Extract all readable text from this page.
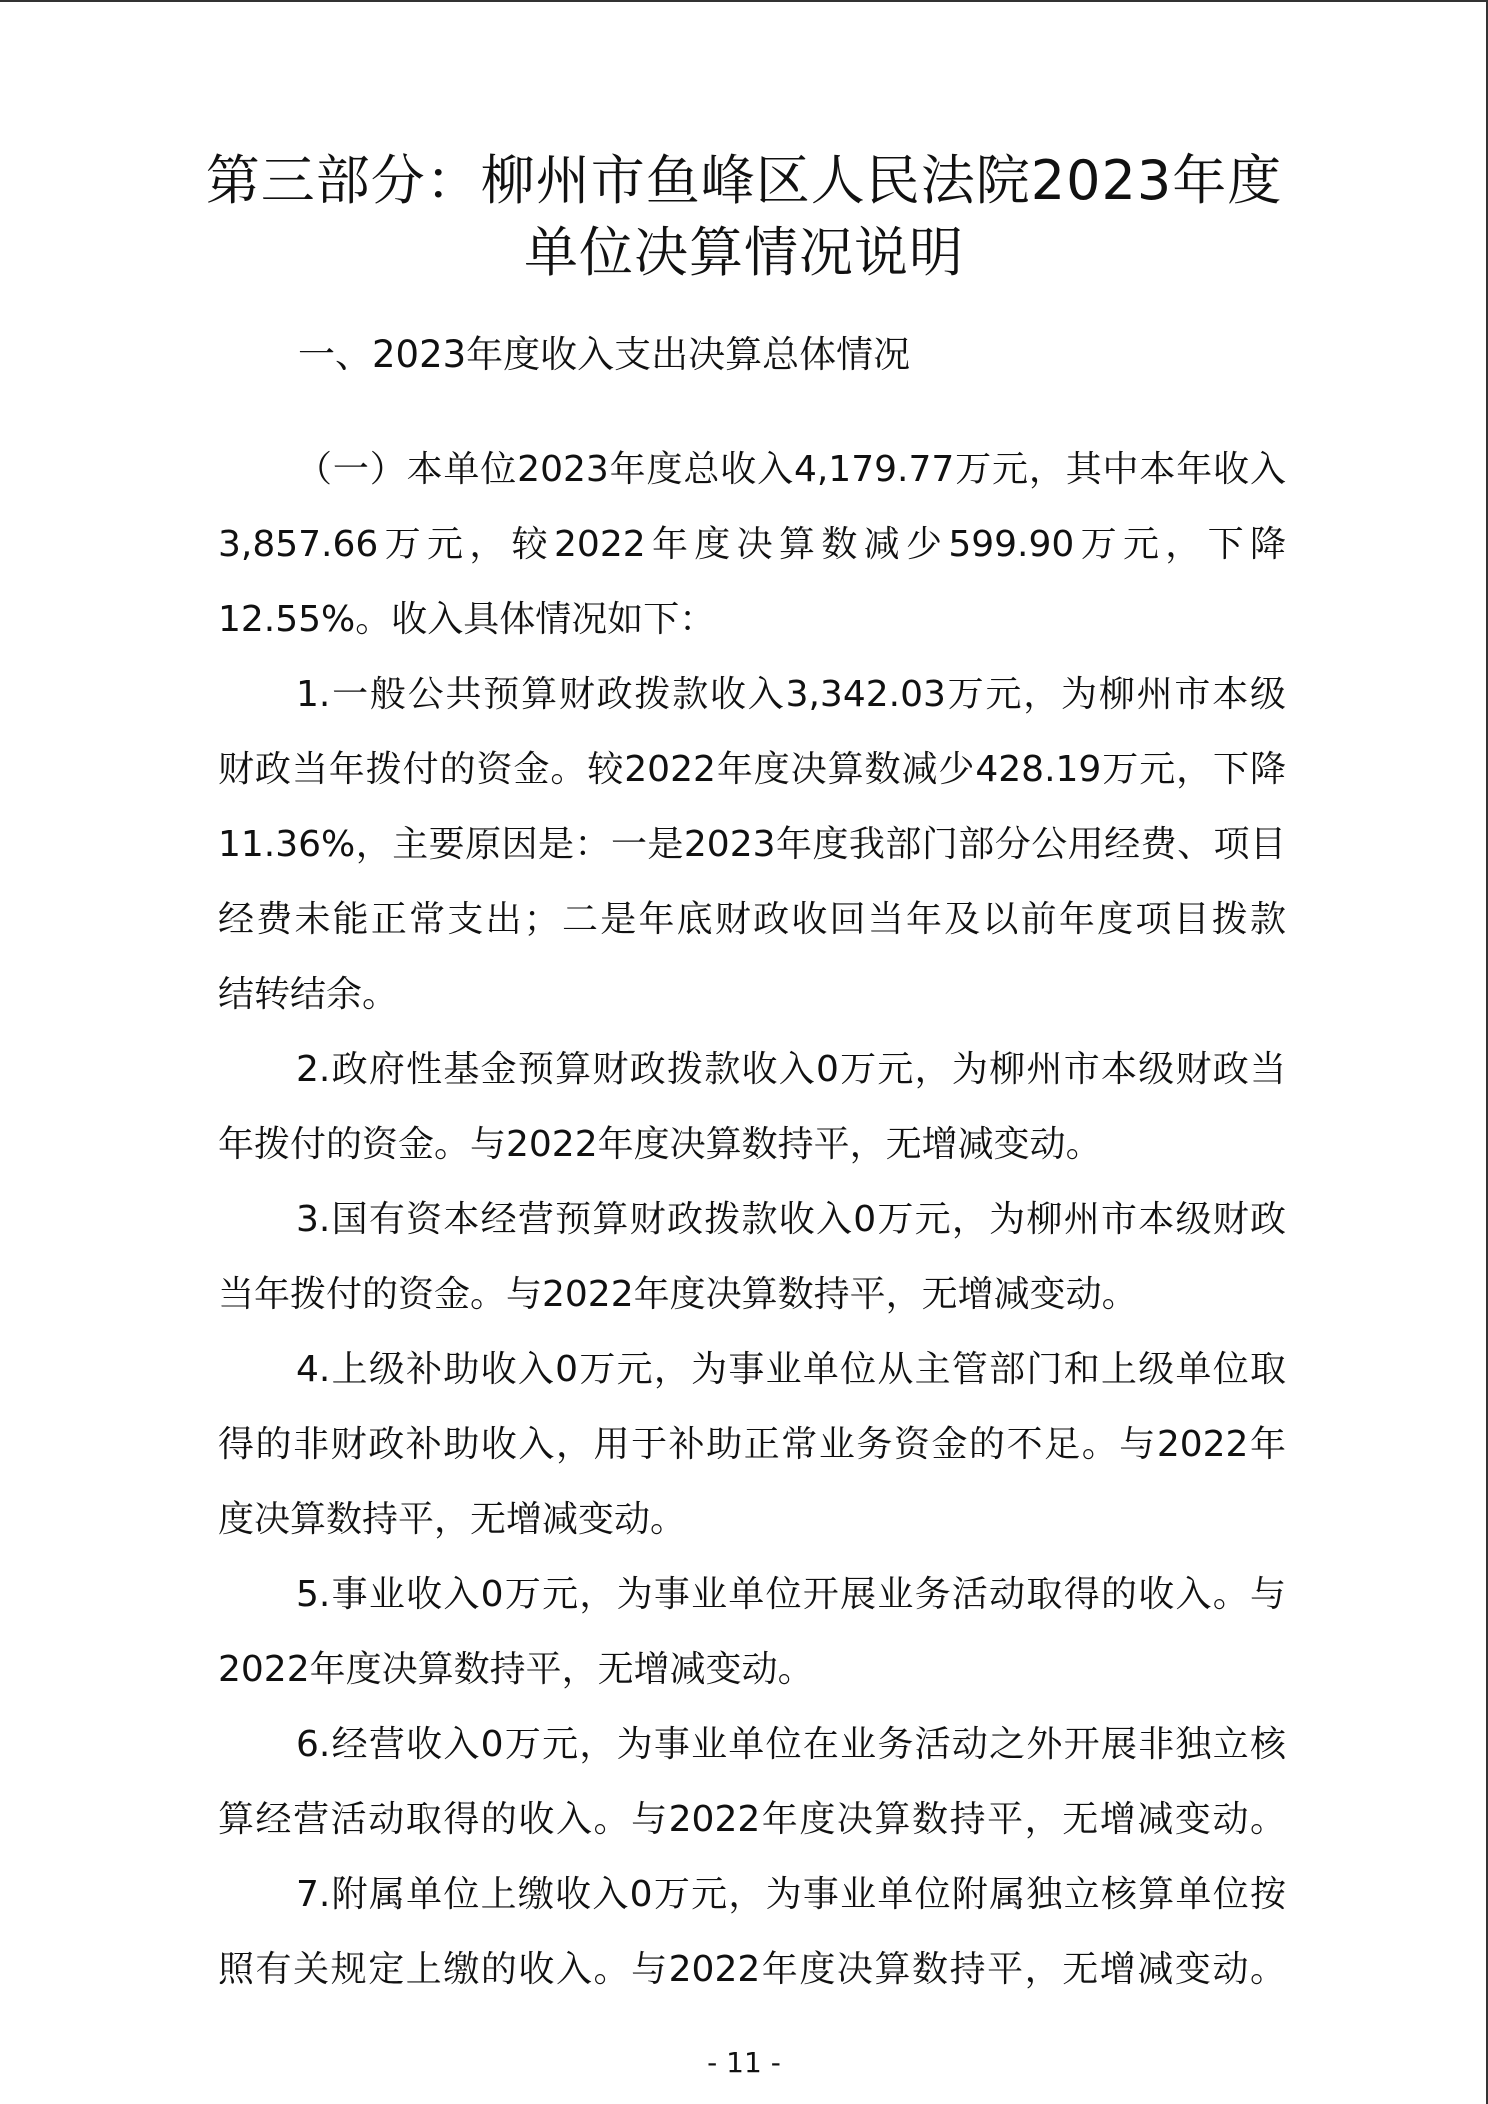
第三部分：柳州市鱼峰区人民法院2023年度
单位决算情况说明
一、2023年度收入支出决算总体情况
（一）本单位2023年度总收入4,179.77万元，其中本年收入
3,857.66万元，较2022年度决算数减少599.90万元，下降
12.55%。收入具体情况如下：
1.一般公共预算财政拨款收入3,342.03万元，为柳州市本级
财政当年拨付的资金。较2022年度决算数减少428.19万元，下降
11.36%，主要原因是：一是2023年度我部门部分公用经费、项目
经费未能正常支出；二是年底财政收回当年及以前年度项目拨款
结转结余。
2.政府性基金预算财政拨款收入0万元，为柳州市本级财政当
年拨付的资金。与2022年度决算数持平，无增减变动。
3.国有资本经营预算财政拨款收入0万元，为柳州市本级财政
当年拨付的资金。与2022年度决算数持平，无增减变动。
4.上级补助收入0万元，为事业单位从主管部门和上级单位取
得的非财政补助收入，用于补助正常业务资金的不足。与2022年
度决算数持平，无增减变动。
5.事业收入0万元，为事业单位开展业务活动取得的收入。与
2022年度决算数持平，无增减变动。
6.经营收入0万元，为事业单位在业务活动之外开展非独立核
算经营活动取得的收入。与2022年度决算数持平，无增减变动。
7.附属单位上缴收入0万元，为事业单位附属独立核算单位按
照有关规定上缴的收入。与2022年度决算数持平，无增减变动。
- 11 -
